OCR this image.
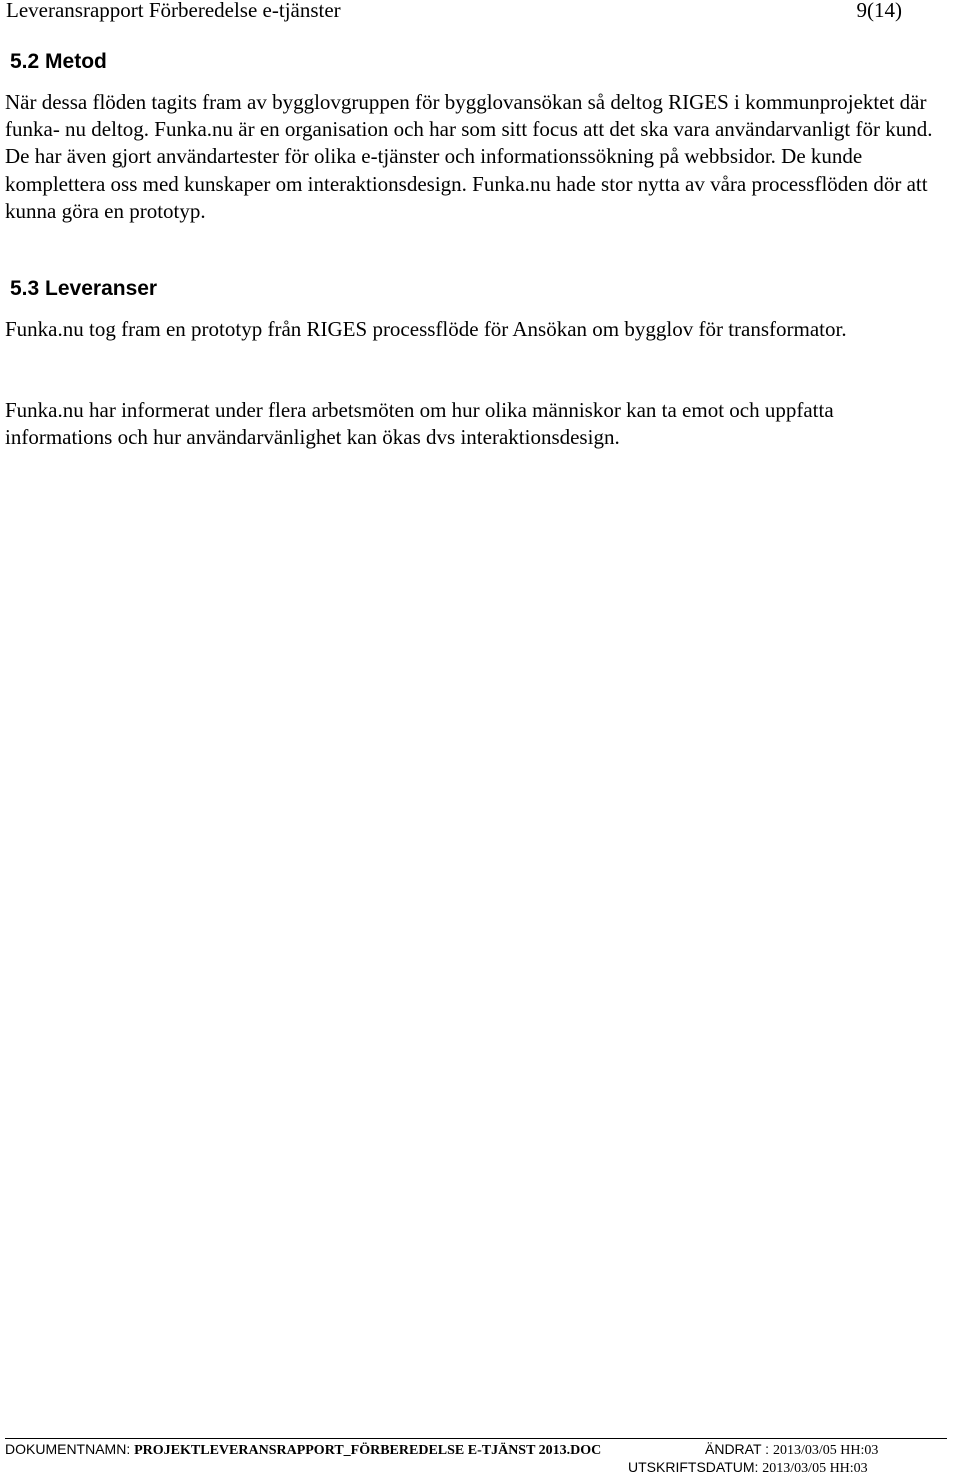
Leveransrapport Förberedelse e-tjänster	9(14)
5.2 Metod

När dessa flöden tagits fram av bygglovgruppen för bygglovansökan så deltog RIGES i kommunprojektet där funka- nu deltog. Funka.nu är en organisation och har som sitt focus att det ska vara användarvanligt för kund. De har även gjort användartester för olika e-tjänster och informationssökning på webbsidor. De kunde komplettera oss med kunskaper om interaktionsdesign. Funka.nu hade stor nytta av våra processflöden dör att kunna göra en prototyp.

5.3 Leveranser

Funka.nu tog fram en prototyp från RIGES processflöde för Ansökan om bygglov för transformator.

Funka.nu har informerat under flera arbetsmöten om hur olika människor kan ta emot och uppfatta informations och hur användarvänlighet kan ökas dvs interaktionsdesign.

DOKUMENTNAMN: PROJEKTLEVERANSRAPPORT_FÖRBEREDELSE E-TJÄNST 2013.DOC	ÄNDRAT : 2013/03/05 HH:03
UTSKRIFTSDATUM: 2013/03/05 HH:03
